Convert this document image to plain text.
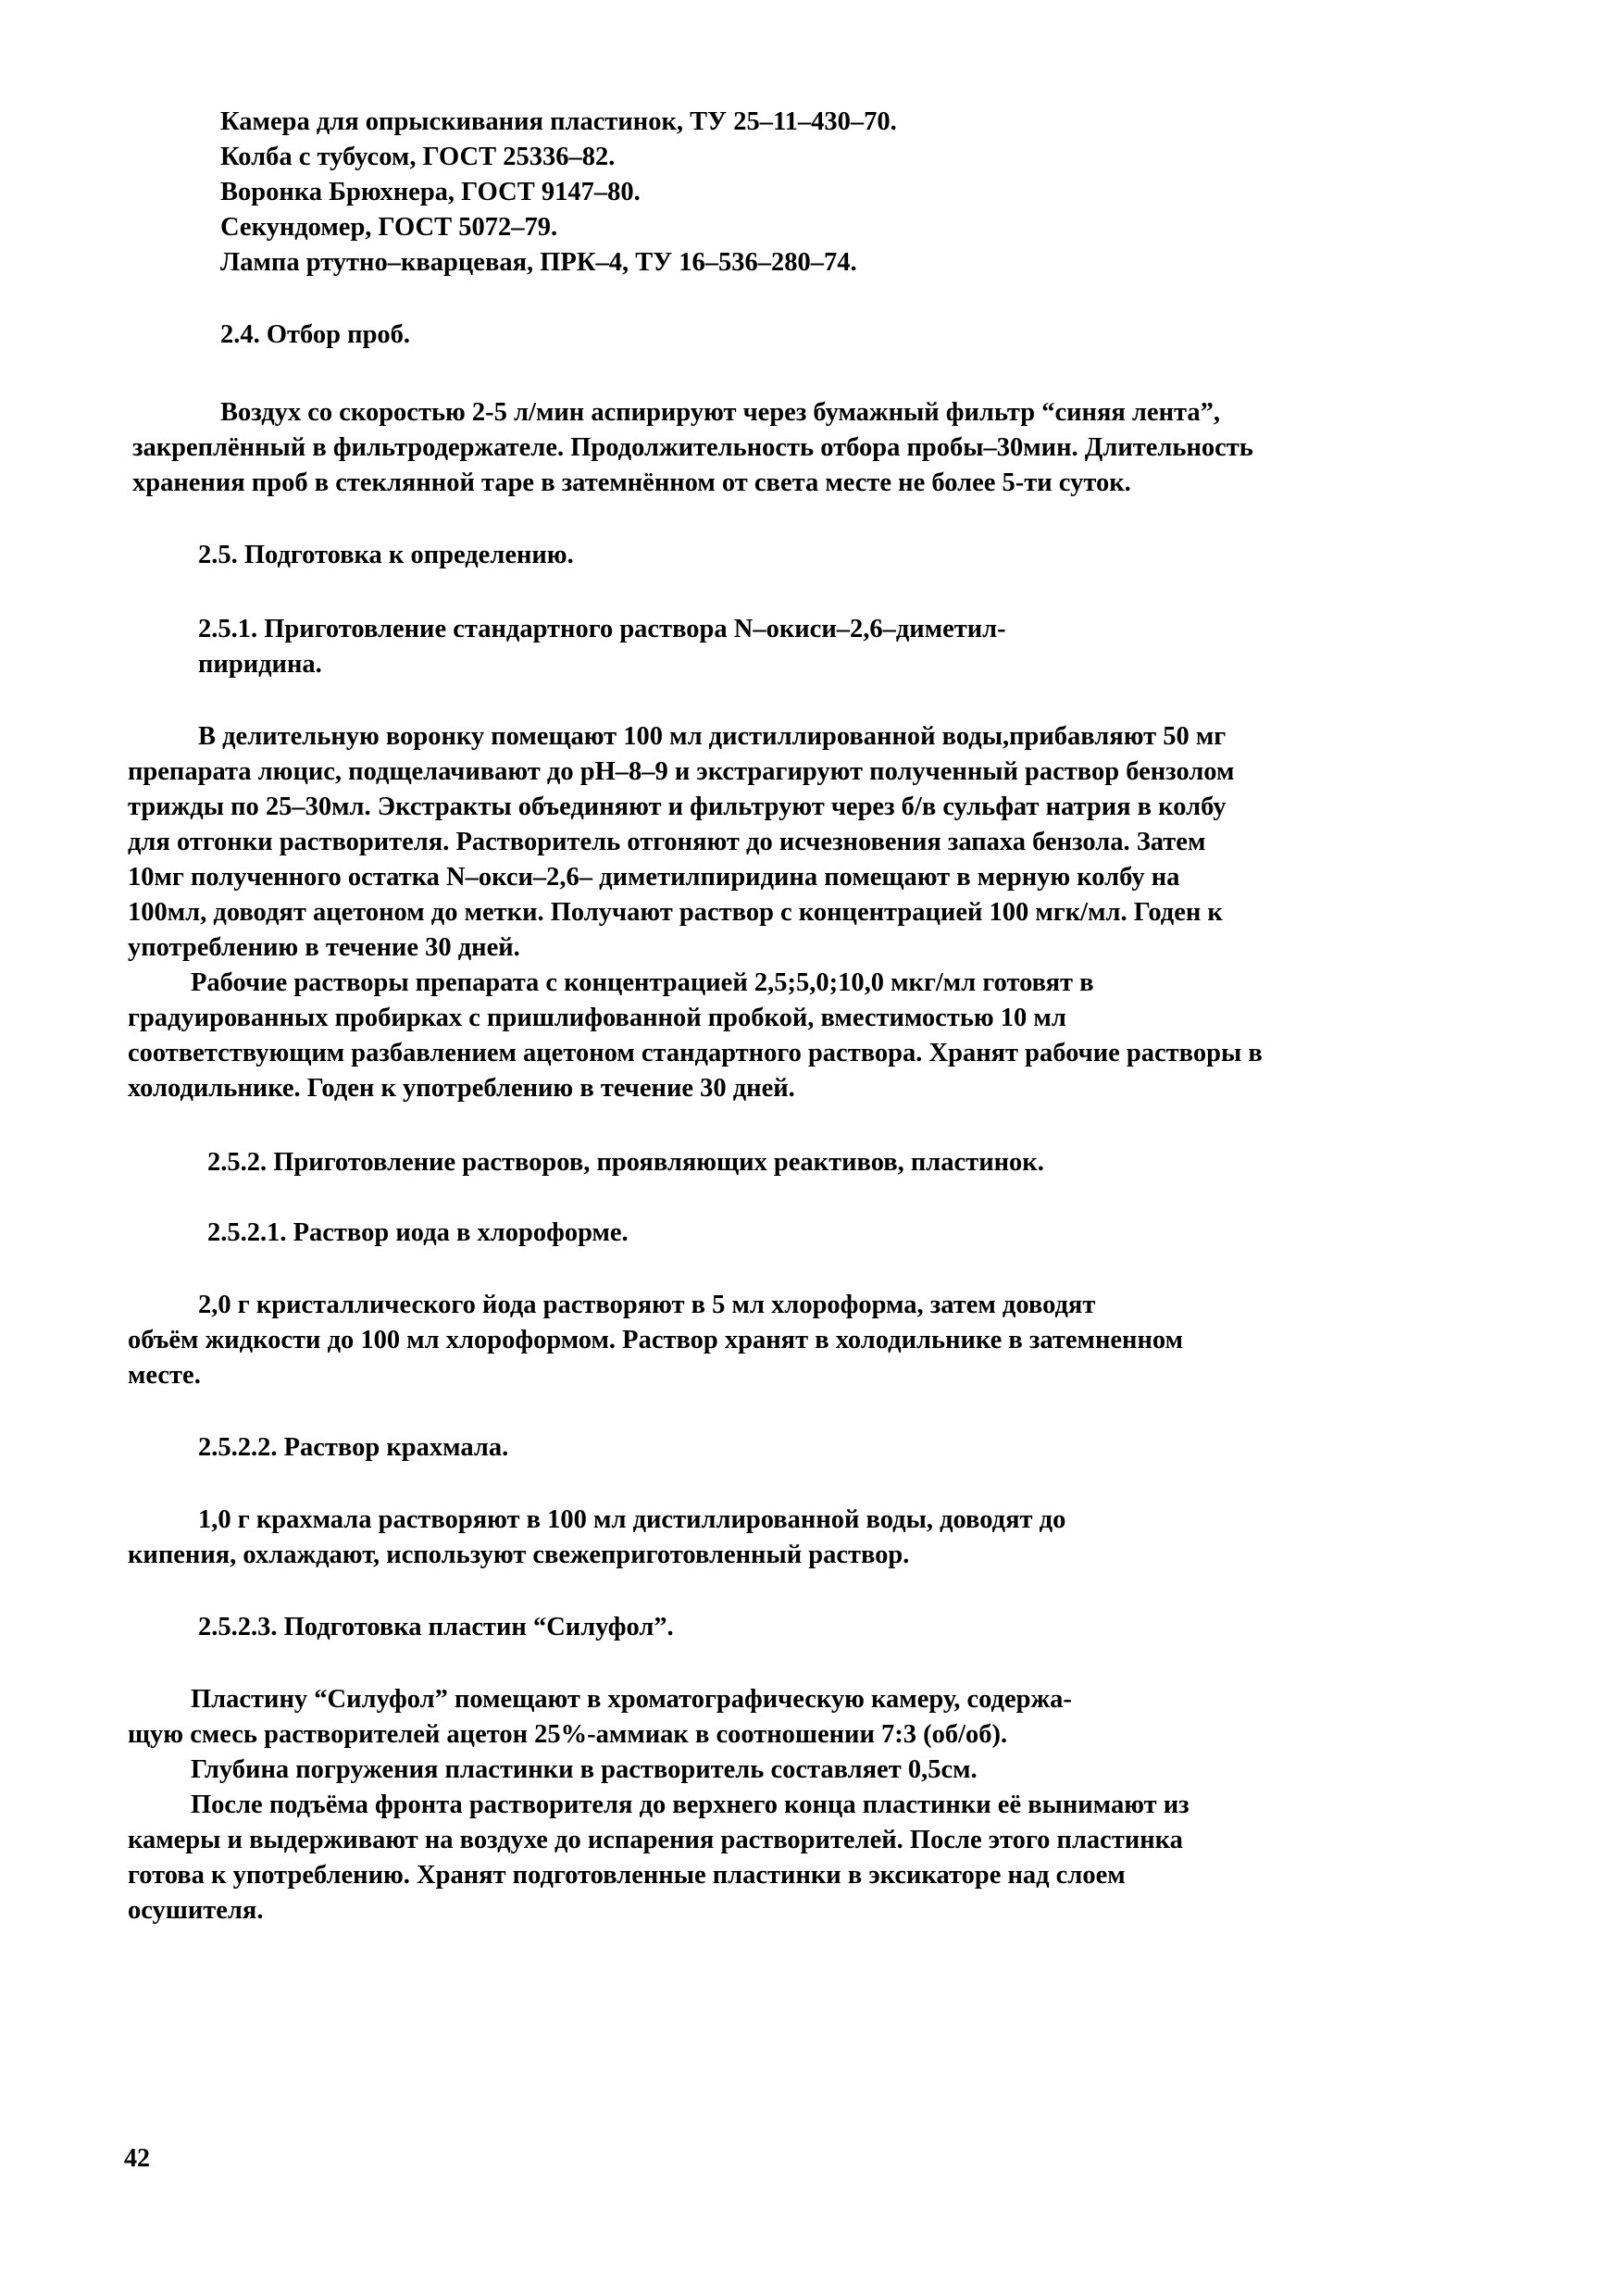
Камера для опрыскивания пластинок, ТУ 25–11–430–70.
Колба с тубусом, ГОСТ 25336–82.
Воронка Брюхнера, ГОСТ 9147–80.
Секундомер, ГОСТ 5072–79.
Лампа ртутно–кварцевая, ПРК–4, ТУ 16–536–280–74.
2.4. Отбор проб.
Воздух со скоростью 2-5 л/мин аспирируют через бумажный фильтр “синяя лента”,
закреплённый в фильтродержателе. Продолжительность отбора пробы–30мин. Длительность
хранения проб в стеклянной таре в затемнённом от света месте не более 5-ти суток.
2.5. Подготовка к определению.
2.5.1. Приготовление стандартного раствора N–окиси–2,6–диметил-
пиридина.
В делительную воронку помещают 100 мл дистиллированной воды,прибавляют 50 мг
препарата люцис, подщелачивают до pH–8–9 и экстрагируют полученный раствор бензолом
трижды по 25–30мл. Экстракты объединяют и фильтруют через б/в сульфат натрия в колбу
для отгонки растворителя. Растворитель отгоняют до исчезновения запаха бензола. Затем
10мг полученного остатка N–окси–2,6– диметилпиридина помещают в мерную колбу на
100мл, доводят ацетоном до метки. Получают раствор с концентрацией 100 мгк/мл. Годен к
употреблению в течение 30 дней.
Рабочие растворы препарата с концентрацией 2,5;5,0;10,0 мкг/мл готовят в
градуированных пробирках с пришлифованной пробкой, вместимостью 10 мл
соответствующим разбавлением ацетоном стандартного раствора. Хранят рабочие растворы в
холодильнике. Годен к употреблению в течение 30 дней.
2.5.2. Приготовление растворов, проявляющих реактивов, пластинок.
2.5.2.1. Раствор иода в хлороформе.
2,0 г кристаллического йода растворяют в 5 мл хлороформа, затем доводят
объём жидкости до 100 мл хлороформом. Раствор хранят в холодильнике в затемненном
месте.
2.5.2.2. Раствор крахмала.
1,0 г крахмала растворяют в 100 мл дистиллированной воды, доводят до
кипения, охлаждают, используют свежеприготовленный раствор.
2.5.2.3. Подготовка пластин “Силуфол”.
Пластину “Силуфол” помещают в хроматографическую камеру, содержа-
щую смесь растворителей ацетон 25%-аммиак в соотношении 7:3 (об/об).
Глубина погружения пластинки в растворитель составляет 0,5см.
После подъёма фронта растворителя до верхнего конца пластинки её вынимают из
камеры и выдерживают на воздухе до испарения растворителей. После этого пластинка
готова к употреблению. Хранят подготовленные пластинки в эксикаторе над слоем
осушителя.
42
